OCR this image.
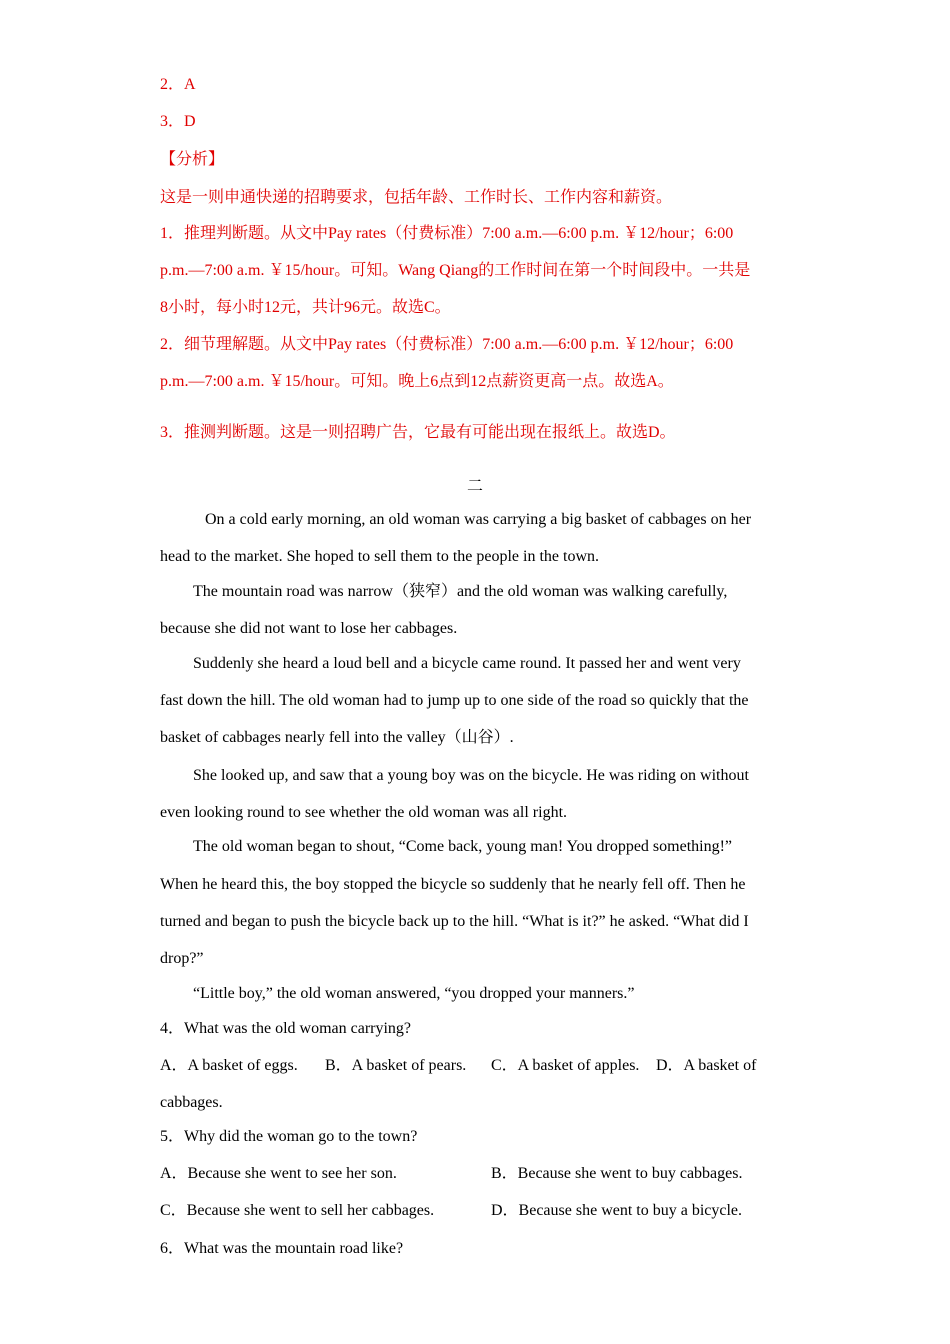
2．A
3．D
【分析】
这是一则申通快递的招聘要求，包括年龄、工作时长、工作内容和薪资。
1．推理判断题。从文中Pay rates（付费标准）7:00 a.m.—6:00 p.m. ￥12/hour；6:00
p.m.—7:00 a.m. ￥15/hour。可知。Wang Qiang的工作时间在第一个时间段中。一共是
8小时，每小时12元，共计96元。故选C。
2．细节理解题。从文中Pay rates（付费标准）7:00 a.m.—6:00 p.m. ￥12/hour；6:00
p.m.—7:00 a.m. ￥15/hour。可知。晚上6点到12点薪资更高一点。故选A。
3．推测判断题。这是一则招聘广告，它最有可能出现在报纸上。故选D。
二
On a cold early morning, an old woman was carrying a big basket of cabbages on her
head to the market. She hoped to sell them to the people in the town.
The mountain road was narrow（狭窄）and the old woman was walking carefully,
because she did not want to lose her cabbages.
Suddenly she heard a loud bell and a bicycle came round. It passed her and went very
fast down the hill. The old woman had to jump up to one side of the road so quickly that the
basket of cabbages nearly fell into the valley（山谷）.
She looked up, and saw that a young boy was on the bicycle. He was riding on without
even looking round to see whether the old woman was all right.
The old woman began to shout, “Come back, young man! You dropped something!”
When he heard this, the boy stopped the bicycle so suddenly that he nearly fell off. Then he
turned and began to push the bicycle back up to the hill. “What is it?” he asked. “What did I
drop?”
“Little boy,” the old woman answered, “you dropped your manners.”
4．What was the old woman carrying?
A．A basket of eggs. B．A basket of pears. C．A basket of apples. D．A basket of
cabbages.
5．Why did the woman go to the town?
A．Because she went to see her son.	B．Because she went to buy cabbages.
C．Because she went to sell her cabbages.	D．Because she went to buy a bicycle.
6．What was the mountain road like?
